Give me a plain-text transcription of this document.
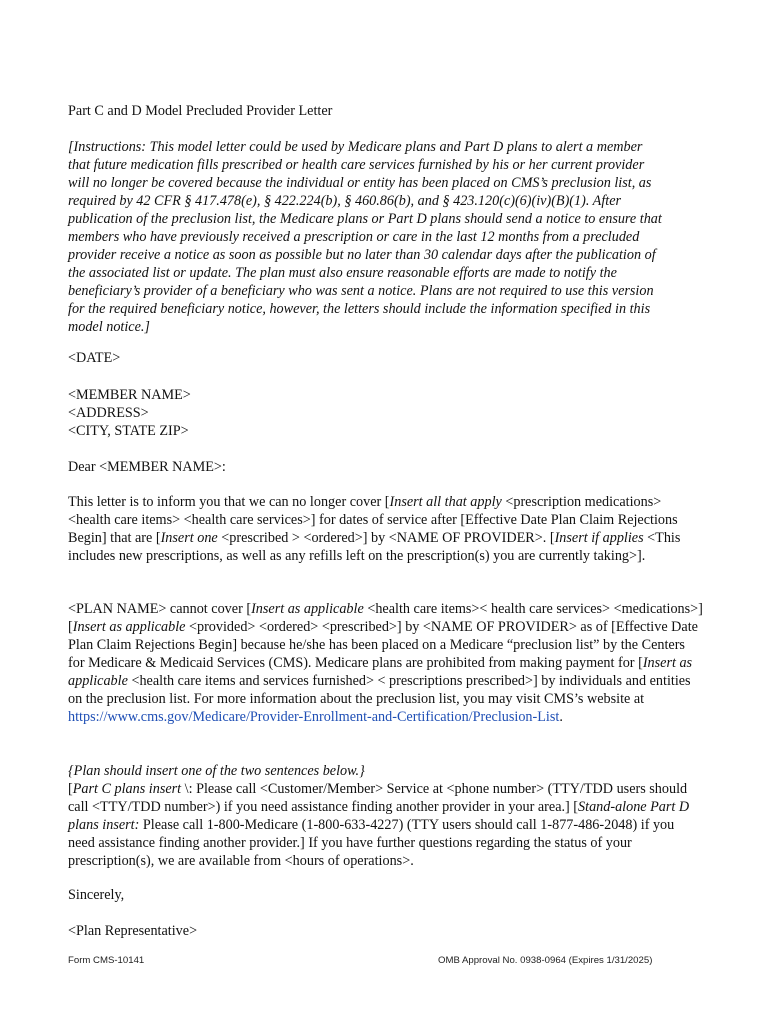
Part C and D Model Precluded Provider Letter
[Instructions: This model letter could be used by Medicare plans and Part D plans to alert a member
that future medication fills prescribed or health care services furnished by his or her current provider
will no longer be covered because the individual or entity has been placed on CMS’s preclusion list, as
required by 42 CFR § 417.478(e), § 422.224(b), § 460.86(b), and § 423.120(c)(6)(iv)(B)(1). After
publication of the preclusion list, the Medicare plans or Part D plans should send a notice to ensure that
members who have previously received a prescription or care in the last 12 months from a precluded
provider receive a notice as soon as possible but no later than 30 calendar days after the publication of
the associated list or update. The plan must also ensure reasonable efforts are made to notify the
beneficiary’s provider of a beneficiary who was sent a notice. Plans are not required to use this version
for the required beneficiary notice, however, the letters should include the information specified in this
model notice.]
<DATE>
<MEMBER NAME>
<ADDRESS>
<CITY, STATE ZIP>
Dear <MEMBER NAME>:
This letter is to inform you that we can no longer cover [Insert all that apply <prescription medications> <health care items> <health care services>] for dates of service after [Effective Date Plan Claim Rejections Begin] that are [Insert one <prescribed > <ordered>] by <NAME OF PROVIDER>. [Insert if applies <This includes new prescriptions, as well as any refills left on the prescription(s) you are currently taking>].
<PLAN NAME> cannot cover [Insert as applicable <health care items>< health care services> <medications>] [Insert as applicable <provided> <ordered> <prescribed>] by <NAME OF PROVIDER> as of [Effective Date Plan Claim Rejections Begin] because he/she has been placed on a Medicare “preclusion list” by the Centers for Medicare & Medicaid Services (CMS). Medicare plans are prohibited from making payment for [Insert as applicable <health care items and services furnished> < prescriptions prescribed>] by individuals and entities on the preclusion list. For more information about the preclusion list, you may visit CMS’s website at https://www.cms.gov/Medicare/Provider-Enrollment-and-Certification/Preclusion-List.
{Plan should insert one of the two sentences below.}
[Part C plans insert \: Please call <Customer/Member> Service at <phone number> (TTY/TDD users should call <TTY/TDD number>) if you need assistance finding another provider in your area.] [Stand-alone Part D plans insert: Please call 1-800-Medicare (1-800-633-4227) (TTY users should call 1-877-486-2048) if you need assistance finding another provider.] If you have further questions regarding the status of your prescription(s), we are available from <hours of operations>.
Sincerely,
<Plan Representative>
Form CMS-10141	OMB Approval No. 0938-0964 (Expires 1/31/2025)
